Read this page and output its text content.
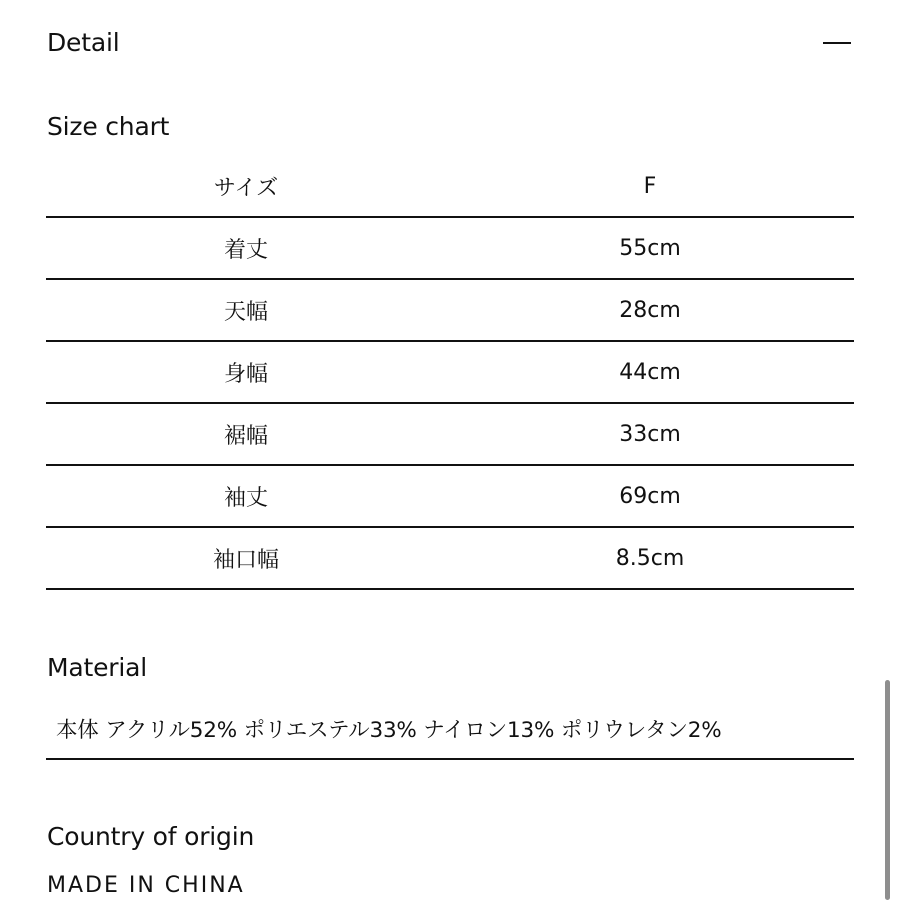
Detail
Size chart
サイズ	F
着丈	55cm
天幅	28cm
身幅	44cm
裾幅	33cm
袖丈	69cm
袖口幅	8.5cm
Material
本体 アクリル52% ポリエステル33% ナイロン13% ポリウレタン2%
Country of origin
MADE IN CHINA
